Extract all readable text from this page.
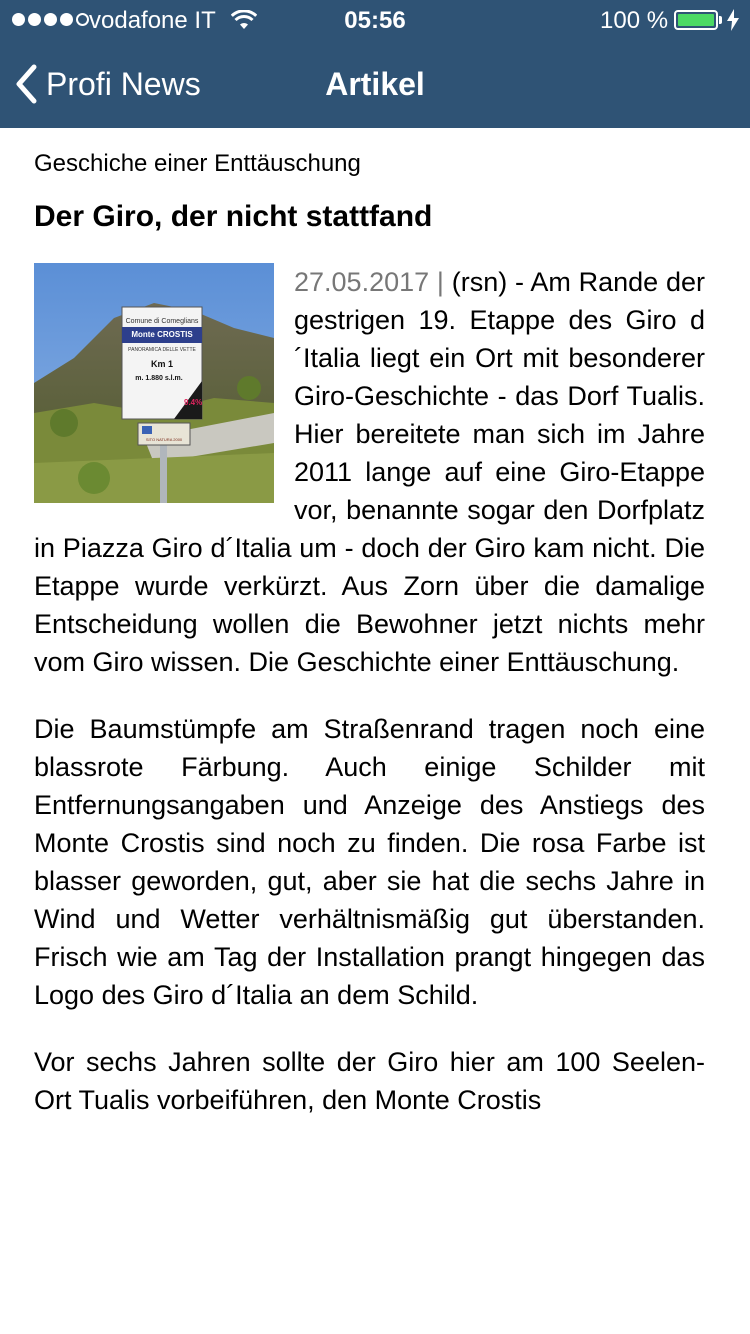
vodafone IT	05:56	100 %
Profi News	Artikel
Geschiche einer Enttäuschung
Der Giro, der nicht stattfand
Comune di Comeglians
Monte CROSTIS
PANORAMICA DELLE VETTE
Km 1
m. 1.880 s.l.m.
9.4%
SITO NATURA 2000

27.05.2017 | (rsn) - Am Rande der gestrigen 19. Etappe des Giro d´Italia liegt ein Ort mit besonderer Giro-Geschichte - das Dorf Tualis. Hier bereitete man sich im Jahre 2011 lange auf eine Giro-Etappe vor, benannte sogar den Dorfplatz in Piazza Giro d´Italia um - doch der Giro kam nicht. Die Etappe wurde verkürzt. Aus Zorn über die damalige Entscheidung wollen die Bewohner jetzt nichts mehr vom Giro wissen. Die Geschichte einer Enttäuschung.

Die Baumstümpfe am Straßenrand tragen noch eine blassrote Färbung. Auch einige Schilder mit Entfernungsangaben und Anzeige des Anstiegs des Monte Crostis sind noch zu finden. Die rosa Farbe ist blasser geworden, gut, aber sie hat die sechs Jahre in Wind und Wetter verhältnismäßig gut überstanden. Frisch wie am Tag der Installation prangt hingegen das Logo des Giro d´Italia an dem Schild.

Vor sechs Jahren sollte der Giro hier am 100 Seelen-Ort Tualis vorbeiführen, den Monte Crostis
